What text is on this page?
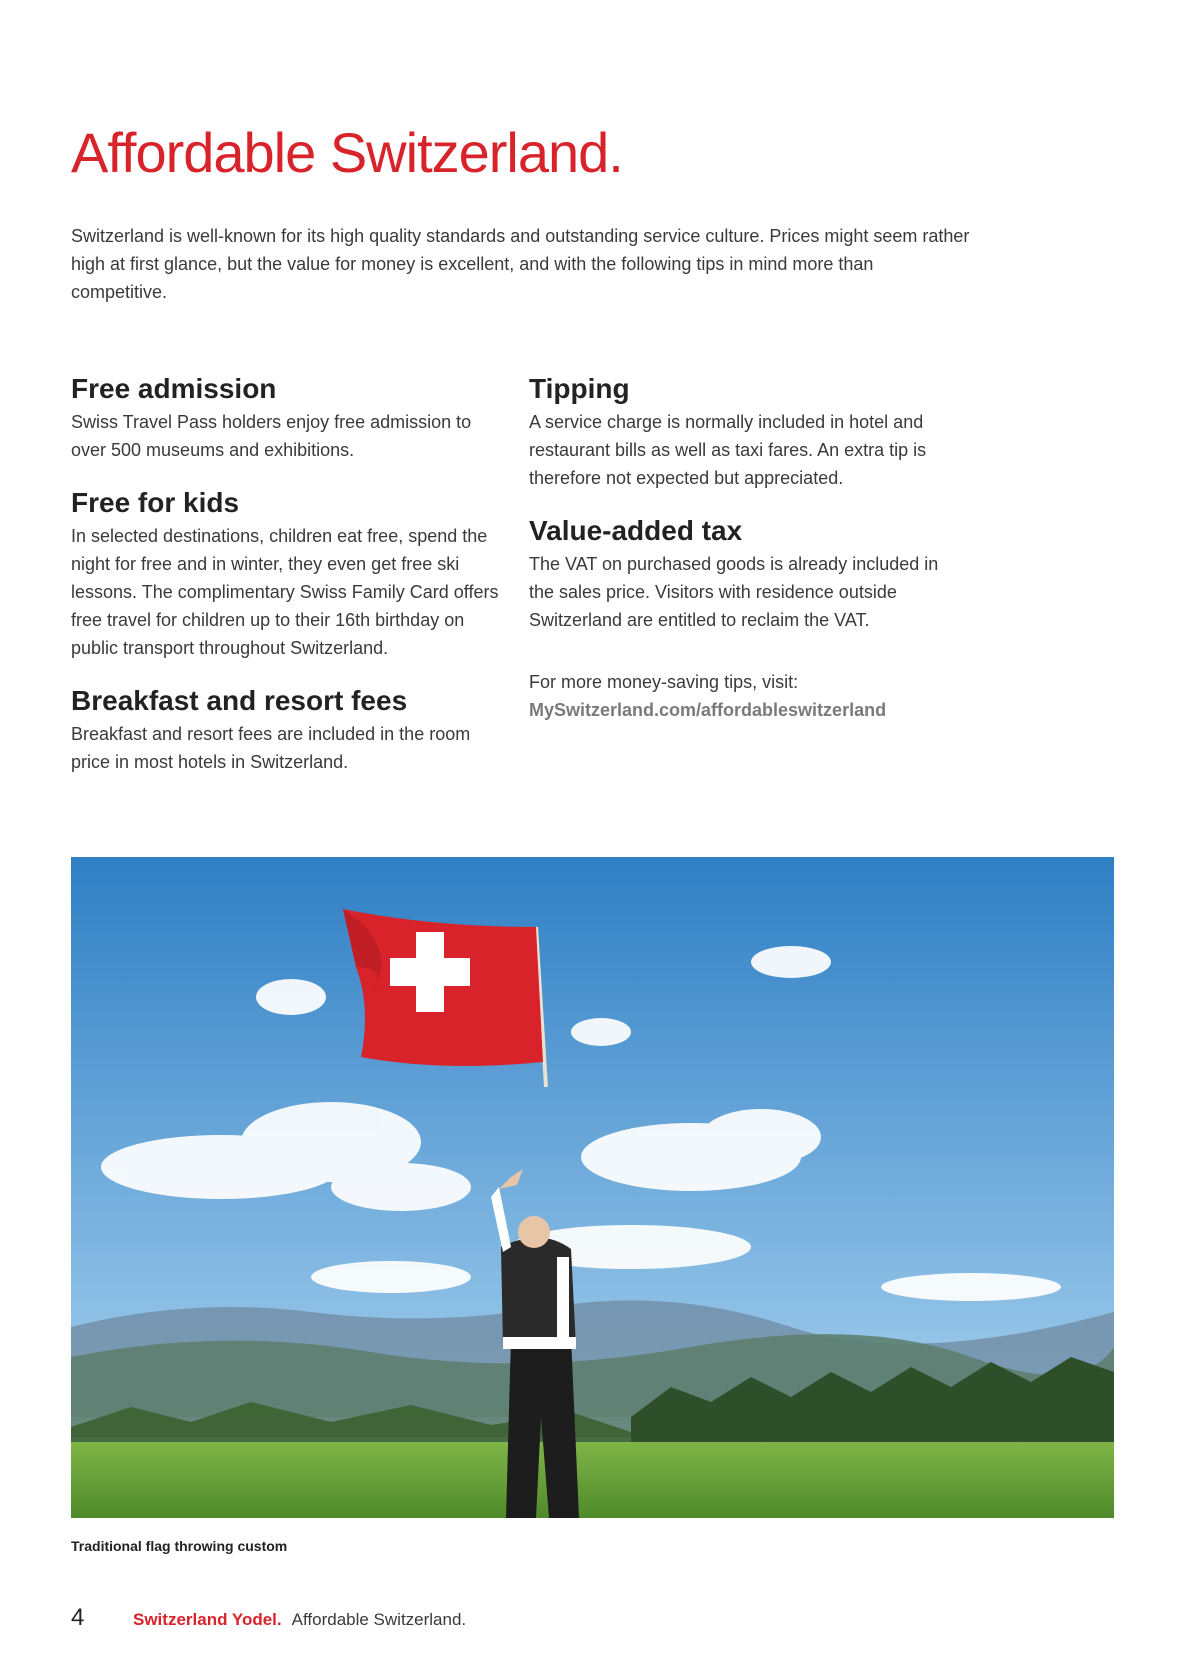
Affordable Switzerland.

Switzerland is well-known for its high quality standards and outstanding service culture. Prices might seem rather high at first glance, but the value for money is excellent, and with the following tips in mind more than competitive.

Free admission

Swiss Travel Pass holders enjoy free admission to over 500 museums and exhibitions.

Free for kids

In selected destinations, children eat free, spend the night for free and in winter, they even get free ski lessons. The complimentary Swiss Family Card offers free travel for children up to their 16th birthday on public transport throughout Switzerland.

Breakfast and resort fees

Breakfast and resort fees are included in the room price in most hotels in Switzerland.

Tipping

A service charge is normally included in hotel and restaurant bills as well as taxi fares. An extra tip is therefore not expected but appreciated.

Value-added tax

The VAT on purchased goods is already included in the sales price. Visitors with residence outside Switzerland are entitled to reclaim the VAT.

For more money-saving tips, visit:
MySwitzerland.com/affordableswitzerland

Traditional flag throwing custom

4	Switzerland Yodel. Affordable Switzerland.
